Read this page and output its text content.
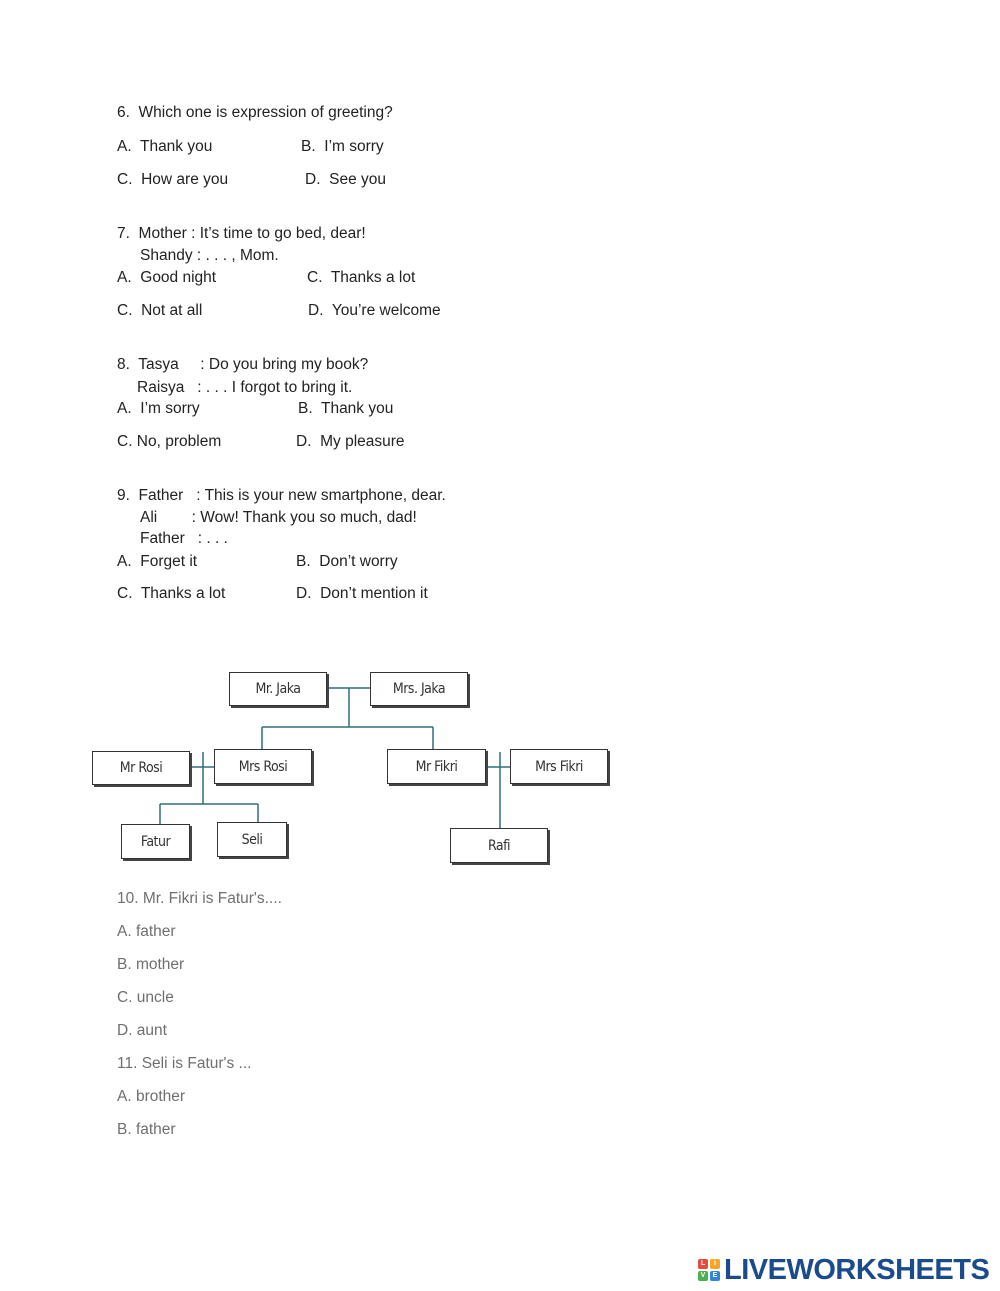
6.  Which one is expression of greeting?
A.  Thank you	B.  I’m sorry
C.  How are you	D.  See you
7.  Mother : It’s time to go bed, dear!
Shandy : . . . , Mom.
A.  Good night	C.  Thanks a lot
C.  Not at all	D.  You’re welcome
8.  Tasya     : Do you bring my book?
Raisya   : . . . I forgot to bring it.
A.  I’m sorry	B.  Thank you
C. No, problem	D.  My pleasure
9.  Father   : This is your new smartphone, dear.
Ali        : Wow! Thank you so much, dad!
Father   : . . .
A.  Forget it	B.  Don’t worry
C.  Thanks a lot	D.  Don’t mention it
Mr. Jaka	Mrs. Jaka
Mr Rosi	Mrs Rosi	Mr Fikri	Mrs Fikri
Fatur	Seli	Rafi
10. Mr. Fikri is Fatur's....
A. father
B. mother
C. uncle
D. aunt
11. Seli is Fatur's ...
A. brother
B. father
L	i
V	E LIVEWORKSHEETS
